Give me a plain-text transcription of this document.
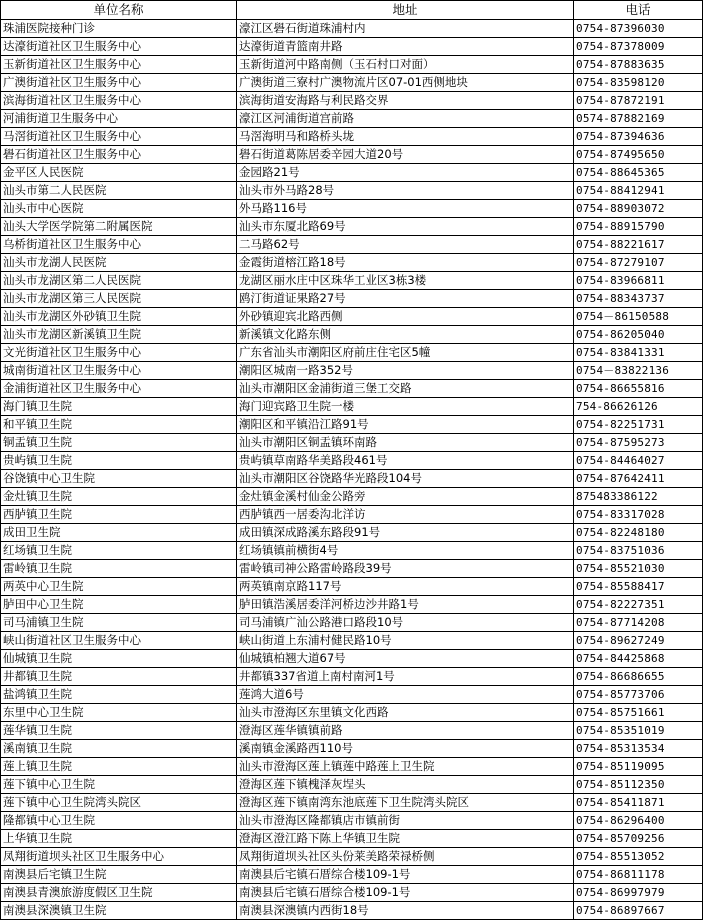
单位名称	地址	电话
珠浦医院接种门诊	濠江区礐石街道珠浦村内	0754-87396030
达濠街道社区卫生服务中心	达濠街道青篮南井路	0754-87378009
玉新街道社区卫生服务中心	玉新街道河中路南侧（玉石村口对面）	0754-87883635
广澳街道社区卫生服务中心	广澳街道三寮村广澳物流片区07-01西侧地块	0754-83598120
滨海街道社区卫生服务中心	滨海街道安海路与利民路交界	0754-87872191
河浦街道卫生服务中心	濠江区河浦街道宫前路	0574-87882169
马滘街道社区卫生服务中心	马滘海明马和路桥头垅	0754-87394636
礐石街道社区卫生服务中心	礐石街道葛陈居委辛园大道20号	0754-87495650
金平区人民医院	金园路21号	0754-88645365
汕头市第二人民医院	汕头市外马路28号	0754-88412941
汕头市中心医院	外马路116号	0754-88903072
汕头大学医学院第二附属医院	汕头市东厦北路69号	0754-88915790
乌桥街道社区卫生服务中心	二马路62号	0754-88221617
汕头市龙湖人民医院	金霞街道榕江路18号	0754-87279107
汕头市龙湖区第二人民医院	龙湖区丽水庄中区珠华工业区3栋3楼	0754-83966811
汕头市龙湖区第三人民医院	鸥汀街道证果路27号	0754-88343737
汕头市龙湖区外砂镇卫生院	外砂镇迎宾北路西侧	0754－86150588
汕头市龙湖区新溪镇卫生院	新溪镇文化路东侧	0754-86205040
文光街道社区卫生服务中心	广东省汕头市潮阳区府前庄住宅区5幢	0754-83841331
城南街道社区卫生服务中心	潮阳区城南一路352号	0754－83822136
金浦街道社区卫生服务中心	汕头市潮阳区金浦街道三堡工交路	0754-86655816
海门镇卫生院	海门迎宾路卫生院一楼	754-86626126
和平镇卫生院	潮阳区和平镇沿江路91号	0754-82251731
铜盂镇卫生院	汕头市潮阳区铜盂镇环南路	0754-87595273
贵屿镇卫生院	贵屿镇草南路华美路段461号	0754-84464027
谷饶镇中心卫生院	汕头市潮阳区谷饶路华光路段104号	0754-87642411
金灶镇卫生院	金灶镇金溪村仙金公路旁	875483386122
西胪镇卫生院	西胪镇西一居委沟北洋访	0754-83317028
成田卫生院	成田镇深成路溪东路段91号	0754-82248180
红场镇卫生院	红场镇镇前横街4号	0754-83751036
雷岭镇卫生院	雷岭镇司神公路雷岭路段39号	0754-85521030
两英中心卫生院	两英镇南京路117号	0754-85588417
胪田中心卫生院	胪田镇浩溪居委洋河桥边沙井路1号	0754-82227351
司马浦镇卫生院	司马浦镇广汕公路港口路段10号	0754-87714208
峡山街道社区卫生服务中心	峡山街道上东浦村健民路10号	0754-89627249
仙城镇卫生院	仙城镇柏翘大道67号	0754-84425868
井都镇卫生院	井都镇337省道上南村南河1号	0754-86686655
盐鸿镇卫生院	莲鸿大道6号	0754-85773706
东里中心卫生院	汕头市澄海区东里镇文化西路	0754-85751661
莲华镇卫生院	澄海区莲华镇镇前路	0754-85351019
溪南镇卫生院	溪南镇金溪路西110号	0754-85313534
莲上镇卫生院	汕头市澄海区莲上镇莲中路莲上卫生院	0754-85119095
莲下镇中心卫生院	澄海区莲下镇槐泽灰埕头	0754-85112350
莲下镇中心卫生院湾头院区	澄海区莲下镇南湾东池底莲下卫生院湾头院区	0754-85411871
隆都镇中心卫生院	汕头市澄海区隆都镇店市镇前街	0754-86296400
上华镇卫生院	澄海区澄江路下陈上华镇卫生院	0754-85709256
凤翔街道坝头社区卫生服务中心	凤翔街道坝头社区头份莱美路荣禄桥侧	0754-85513052
南澳县后宅镇卫生院	南澳县后宅镇石厝综合楼109-1号	0754-86811178
南澳县青澳旅游度假区卫生院	南澳县后宅镇石厝综合楼109-1号	0754-86997979
南澳县深澳镇卫生院	南澳县深澳镇内西街18号	0754-86897667
